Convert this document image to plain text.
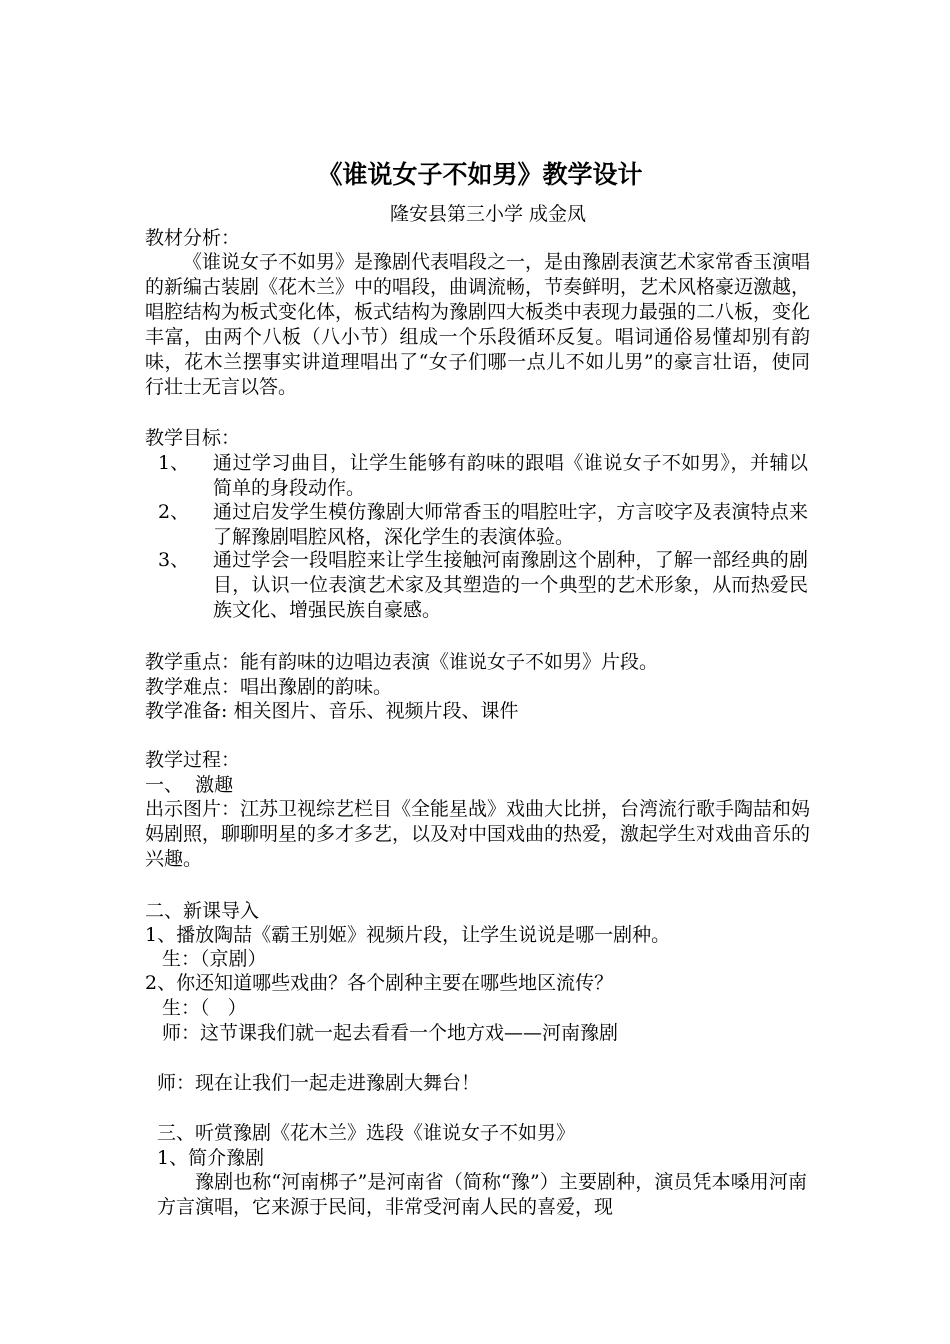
《谁说女子不如男》教学设计
隆安县第三小学 成金凤
教材分析：
《谁说女子不如男》是豫剧代表唱段之一，是由豫剧表演艺术家常香玉演唱的新编古装剧《花木兰》中的唱段，曲调流畅，节奏鲜明，艺术风格豪迈激越，唱腔结构为板式变化体，板式结构为豫剧四大板类中表现力最强的二八板，变化丰富，由两个八板（八小节）组成一个乐段循环反复。唱词通俗易懂却别有韵味，花木兰摆事实讲道理唱出了“女子们哪一点儿不如儿男”的豪言壮语，使同行壮士无言以答。
教学目标：
1、 通过学习曲目，让学生能够有韵味的跟唱《谁说女子不如男》，并辅以简单的身段动作。
2、 通过启发学生模仿豫剧大师常香玉的唱腔吐字，方言咬字及表演特点来了解豫剧唱腔风格，深化学生的表演体验。
3、 通过学会一段唱腔来让学生接触河南豫剧这个剧种，了解一部经典的剧目，认识一位表演艺术家及其塑造的一个典型的艺术形象，从而热爱民族文化、增强民族自豪感。
教学重点：能有韵味的边唱边表演《谁说女子不如男》片段。
教学难点：唱出豫剧的韵味。
教学准备: 相关图片、音乐、视频片段、课件
教学过程：
一、  激趣
出示图片：江苏卫视综艺栏目《全能星战》戏曲大比拼，台湾流行歌手陶喆和妈妈剧照，聊聊明星的多才多艺，以及对中国戏曲的热爱，激起学生对戏曲音乐的兴趣。
二、新课导入
1、播放陶喆《霸王别姬》视频片段，让学生说说是哪一剧种。
生：（京剧）
2、你还知道哪些戏曲？各个剧种主要在哪些地区流传？
生：（   ）
师：这节课我们就一起去看看一个地方戏——河南豫剧
师：现在让我们一起走进豫剧大舞台！
三、听赏豫剧《花木兰》选段《谁说女子不如男》
1、简介豫剧
豫剧也称“河南梆子”是河南省（简称“豫”）主要剧种，演员凭本嗓用河南方言演唱，它来源于民间，非常受河南人民的喜爱，现
